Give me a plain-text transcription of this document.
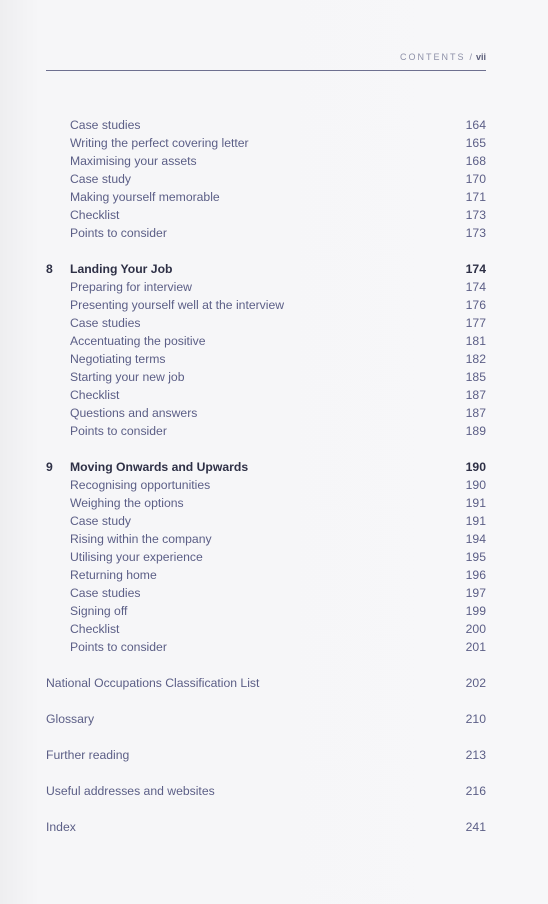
CONTENTS / vii
Case studies	164
Writing the perfect covering letter	165
Maximising your assets	168
Case study	170
Making yourself memorable	171
Checklist	173
Points to consider	173
8 Landing Your Job	174
Preparing for interview	174
Presenting yourself well at the interview	176
Case studies	177
Accentuating the positive	181
Negotiating terms	182
Starting your new job	185
Checklist	187
Questions and answers	187
Points to consider	189
9 Moving Onwards and Upwards	190
Recognising opportunities	190
Weighing the options	191
Case study	191
Rising within the company	194
Utilising your experience	195
Returning home	196
Case studies	197
Signing off	199
Checklist	200
Points to consider	201
National Occupations Classification List	202
Glossary	210
Further reading	213
Useful addresses and websites	216
Index	241
